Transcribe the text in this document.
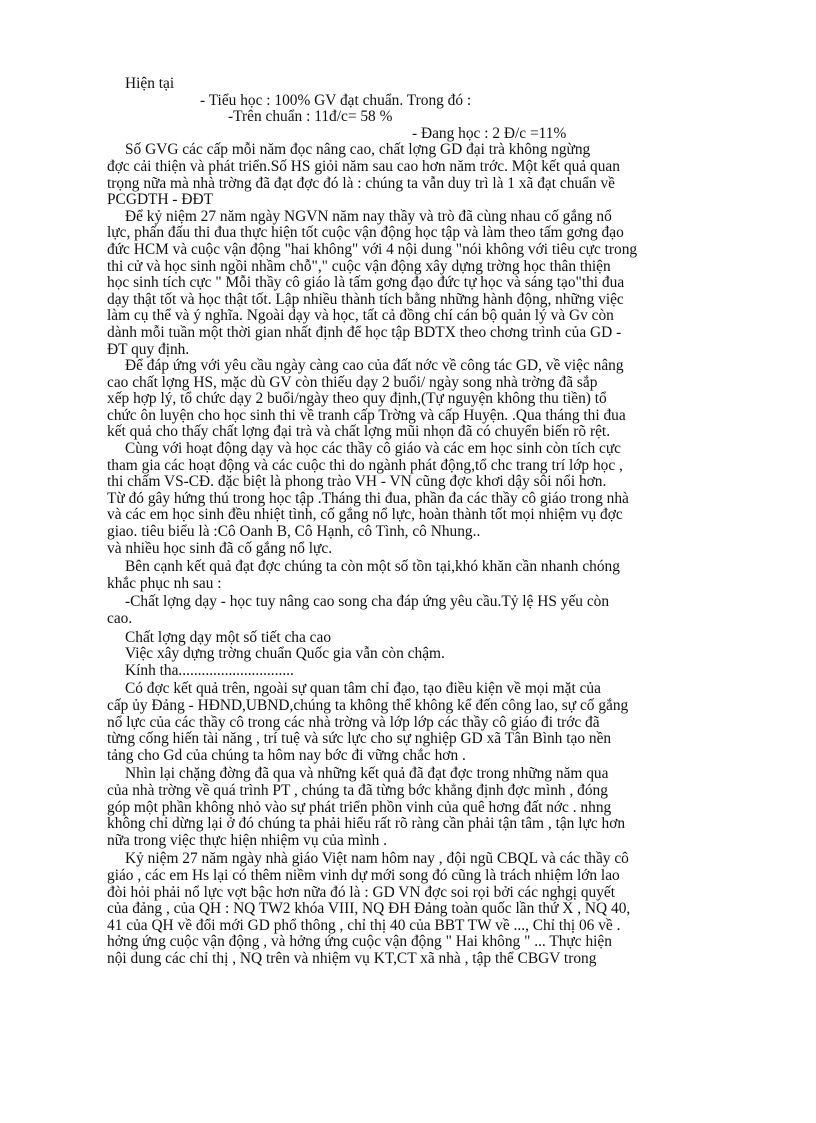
Hiện tại
- Tiểu học : 100% GV đạt chuẩn. Trong đó :
-Trên chuẩn : 11đ/c= 58 %
- Đang học : 2 Đ/c =11%
Số GVG các cấp mỗi năm đọc nâng cao, chất lợng GD đại trà không ngừng
đợc cải thiện và phát triển.Số HS giỏi năm sau cao hơn năm trớc. Một kết quả quan
trọng nữa mà nhà trờng đã đạt đợc đó là : chúng ta vẫn duy trì là 1 xã đạt chuẩn về
PCGDTH - ĐĐT
Để kỷ niệm 27 năm ngày NGVN năm nay thầy và trò đã cùng nhau cố gắng nổ
lực, phấn đấu thi đua thực hiện tốt cuộc vận động học tập và làm theo tấm gơng đạo
đức HCM và cuộc vận động "hai không" với 4 nội dung "nói không với tiêu cực trong
thi cử và học sinh ngồi nhầm chỗ"," cuộc vận động xây dựng trờng học thân thiện
học sinh tích cực " Mỗi thầy cô giáo là tấm gơng đạo đức tự học và sáng tạo"thi đua
dạy thật tốt và học thật tốt. Lập nhiều thành tích bằng những hành động, những việc
làm cụ thể và ý nghĩa. Ngoài dạy và học, tất cả đồng chí cán bộ quản lý và Gv còn
dành mỗi tuần một thời gian nhất định để học tập BDTX theo chơng trình của GD -
ĐT quy định.
Để đáp ứng với yêu cầu ngày càng cao của đất nớc về công tác GD, về việc nâng
cao chất lợng HS, mặc dù GV còn thiếu dạy 2 buổi/ ngày song nhà trờng đã sắp
xếp hợp lý, tổ chức dạy 2 buổi/ngày theo quy định,(Tự nguyện không thu tiền) tổ
chức ôn luyện cho học sinh thi về tranh cấp Trờng và cấp Huyện. .Qua tháng thi đua
kết quả cho thấy chất lợng đại trà và chất lợng mũi nhọn đã có chuyển biến rõ rệt.
Cùng với hoạt động dạy và học các thầy cô giáo và các em học sinh còn tích cực
tham gia các hoạt động và các cuộc thi do ngành phát động,tổ chc trang trí lớp học ,
thi chấm VS-CĐ. đặc biệt là phong trào VH - VN cũng đợc khơi dậy sôi nổi hơn.
Từ đó gây hứng thú trong học tập .Tháng thi đua, phần đa các thầy cô giáo trong nhà
và các em học sinh đều nhiệt tình, cố gắng nổ lực, hoàn thành tốt mọi nhiệm vụ đợc
giao. tiêu biểu là :Cô Oanh B, Cô Hạnh, cô Tình, cô Nhung..
và nhiều học sinh đã cố gắng nổ lực.
Bên cạnh kết quả đạt đợc chúng ta còn một số tồn tại,khó khăn cần nhanh chóng
khắc phục nh sau :
-Chất lợng dạy - học tuy nâng cao song cha đáp ứng yêu cầu.Tỷ lệ HS yếu còn
cao.
Chất lợng dạy một số tiết cha cao
Việc xây dựng trờng chuẩn Quốc gia vẫn còn chậm.
Kính tha..............................
Có đợc kết quả trên, ngoài sự quan tâm chỉ đạo, tạo điều kiện về mọi mặt của
cấp ủy Đảng - HĐND,UBND,chúng ta không thể không kể đến công lao, sự cố gắng
nổ lực của các thầy cô trong các nhà trờng và lớp lớp các thầy cô giáo đi trớc đã
từng cống hiến tài năng , trí tuệ và sức lực cho sự nghiệp GD xã Tân Bình tạo nền
tảng cho Gd của chúng ta hôm nay bớc đi vững chắc hơn .
Nhìn lại chặng đờng đã qua và những kết quả đã đạt đợc trong những năm qua
của nhà trờng về quá trình PT , chúng ta đã từng bớc khẳng định đợc mình , đóng
góp một phần không nhỏ vào sự phát triển phồn vinh của quê hơng đất nớc . nhng
không chỉ dừng lại ở đó chúng ta phải hiểu rất rõ ràng cần phải tận tâm , tận lực hơn
nữa trong việc thực hiện nhiệm vụ của mình .
Kỷ niệm 27 năm ngày nhà giáo Việt nam hôm nay , đội ngũ CBQL và các thầy cô
giáo , các em Hs lại có thêm niềm vinh dự mới song đó cũng là trách nhiệm lớn lao
đòi hỏi phải nổ lực vợt bậc hơn nữa đó là : GD VN đợc soi rọi bởi các nghgị quyết
của đảng , của QH : NQ TW2 khóa VIII, NQ ĐH Đảng toàn quốc lần thứ X , NQ 40,
41 của QH về đổi mới GD phổ thông , chỉ thị 40 của BBT TW về ..., Chỉ thị 06 về .
hởng ứng cuộc vận động , và hởng ứng cuộc vận động " Hai không " ... Thực hiện
nội dung các chỉ thị , NQ trên và nhiệm vụ KT,CT xã nhà , tập thể CBGV trong
